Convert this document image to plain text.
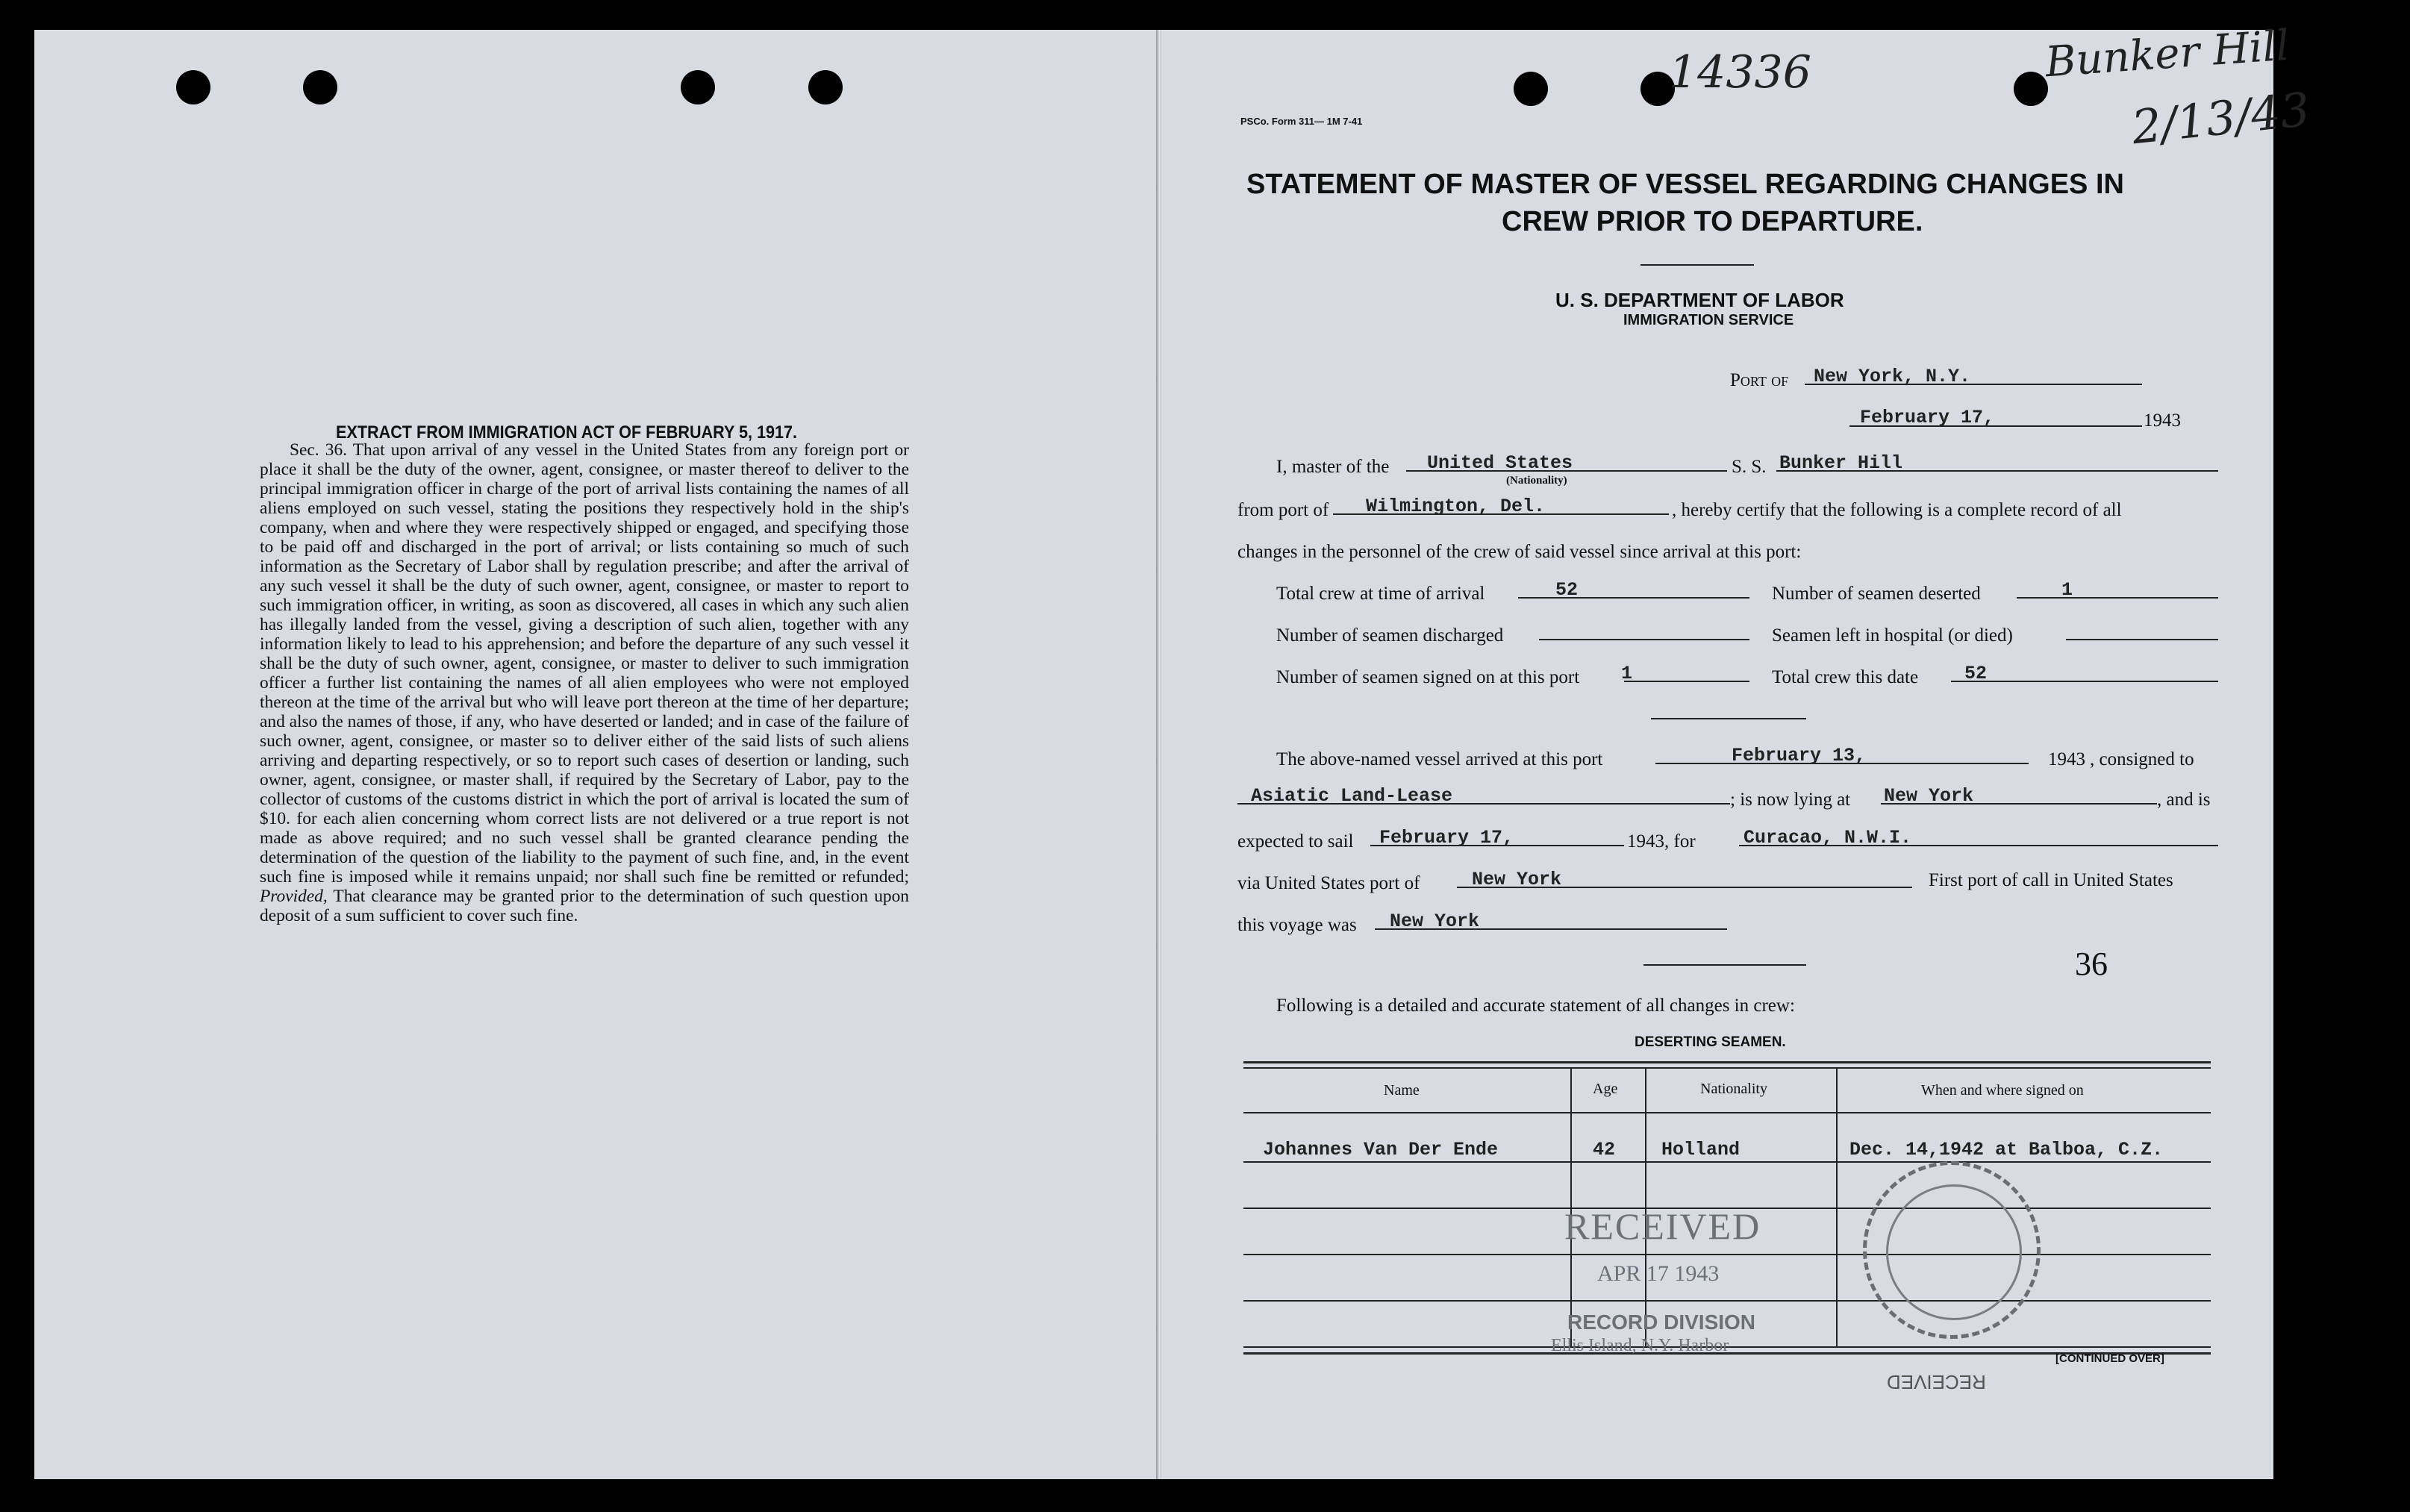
EXTRACT FROM IMMIGRATION ACT OF FEBRUARY 5, 1917.
Sec. 36. That upon arrival of any vessel in the United States from any foreign port or place it shall be the duty of the owner, agent, consignee, or master thereof to deliver to the principal immigration officer in charge of the port of arrival lists containing the names of all aliens employed on such vessel, stating the positions they respectively hold in the ship's company, when and where they were respectively shipped or engaged, and specifying those to be paid off and discharged in the port of arrival; or lists containing so much of such information as the Secretary of Labor shall by regulation prescribe; and after the arrival of any such vessel it shall be the duty of such owner, agent, consignee, or master to report to such immigration officer, in writing, as soon as discovered, all cases in which any such alien has illegally landed from the vessel, giving a description of such alien, together with any information likely to lead to his apprehension; and before the departure of any such vessel it shall be the duty of such owner, agent, consignee, or master to deliver to such immigration officer a further list containing the names of all alien employees who were not employed thereon at the time of the arrival but who will leave port thereon at the time of her departure; and also the names of those, if any, who have deserted or landed; and in case of the failure of such owner, agent, consignee, or master so to deliver either of the said lists of such aliens arriving and departing respectively, or so to report such cases of desertion or landing, such owner, agent, consignee, or master shall, if required by the Secretary of Labor, pay to the collector of customs of the customs district in which the port of arrival is located the sum of $10. for each alien concerning whom correct lists are not delivered or a true report is not made as above required; and no such vessel shall be granted clearance pending the determination of the question of the liability to the payment of such fine, and, in the event such fine is imposed while it remains unpaid; nor shall such fine be remitted or refunded; Provided, That clearance may be granted prior to the determination of such question upon deposit of a sum sufficient to cover such fine.
14336	Bunker Hill
2/13/43
PSCo. Form 311— 1M 7-41
STATEMENT OF MASTER OF VESSEL REGARDING CHANGES IN
CREW PRIOR TO DEPARTURE.
U. S. DEPARTMENT OF LABOR
IMMIGRATION SERVICE
Port of New York, N.Y.
February 17,	1943
I, master of the United States
(Nationality)
S. S. Bunker Hill
from port of Wilmington, Del.	, hereby certify that the following is a complete record of all
changes in the personnel of the crew of said vessel since arrival at this port:
Total crew at time of arrival	52	Number of seamen deserted	1
Number of seamen discharged	Seamen left in hospital (or died)
Number of seamen signed on at this port 1	Total crew this date 52
The above-named vessel arrived at this port	February 13,	1943 , consigned to
Asiatic Land-Lease	; is now lying at New York	, and is
expected to sail February 17,	1943, for	Curacao, N.W.I.
via United States port of	New York	First port of call in United States
this voyage was New York
36
Following is a detailed and accurate statement of all changes in crew:
DESERTING SEAMEN.
Name	Age	Nationality	When and where signed on
Johannes Van Der Ende	42 Holland	Dec. 14,1942 at Balboa, C.Z.
RECEIVED
APR 17 1943
RECORD DIVISION
Ellis Island, N.Y. Harbor
[CONTINUED OVER]
RECEIVED
